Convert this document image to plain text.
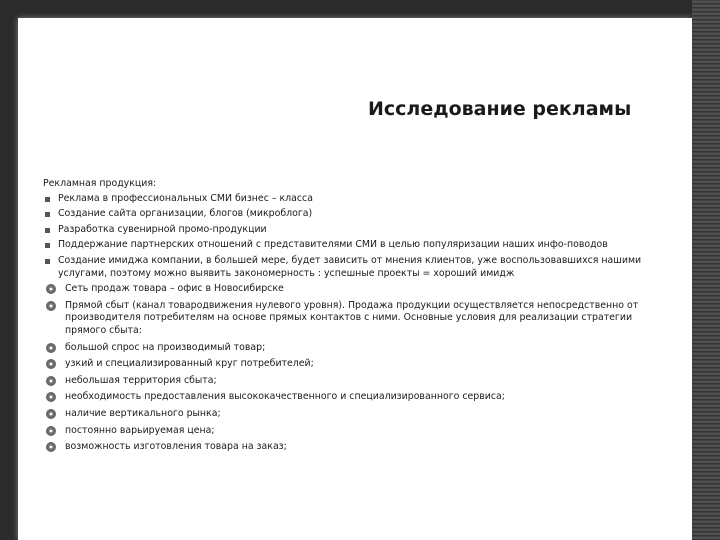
Исследование рекламы
Рекламная продукция:
Реклама в профессиональных СМИ бизнес – класса
Создание сайта организации, блогов (микроблога)
Разработка сувенирной промо-продукции
Поддержание партнерских отношений с представителями СМИ в целью популяризации наших инфо-поводов
Создание имиджа компании, в большей мере, будет зависить от мнения клиентов, уже воспользовавшихся нашими услугами, поэтому можно выявить закономерность : успешные проекты = хороший имидж
Сеть продаж товара – офис в Новосибирске
Прямой сбыт (канал товародвижения нулевого уровня). Продажа продукции осуществляется непосредственно от производителя потребителям на основе прямых контактов с ними. Основные условия для реализации стратегии прямого сбыта:
большой спрос на производимый товар;
узкий и специализированный круг потребителей;
небольшая территория сбыта;
необходимость предоставления высококачественного и специализированного сервиса;
наличие вертикального рынка;
постоянно варьируемая цена;
возможность изготовления товара на заказ;
